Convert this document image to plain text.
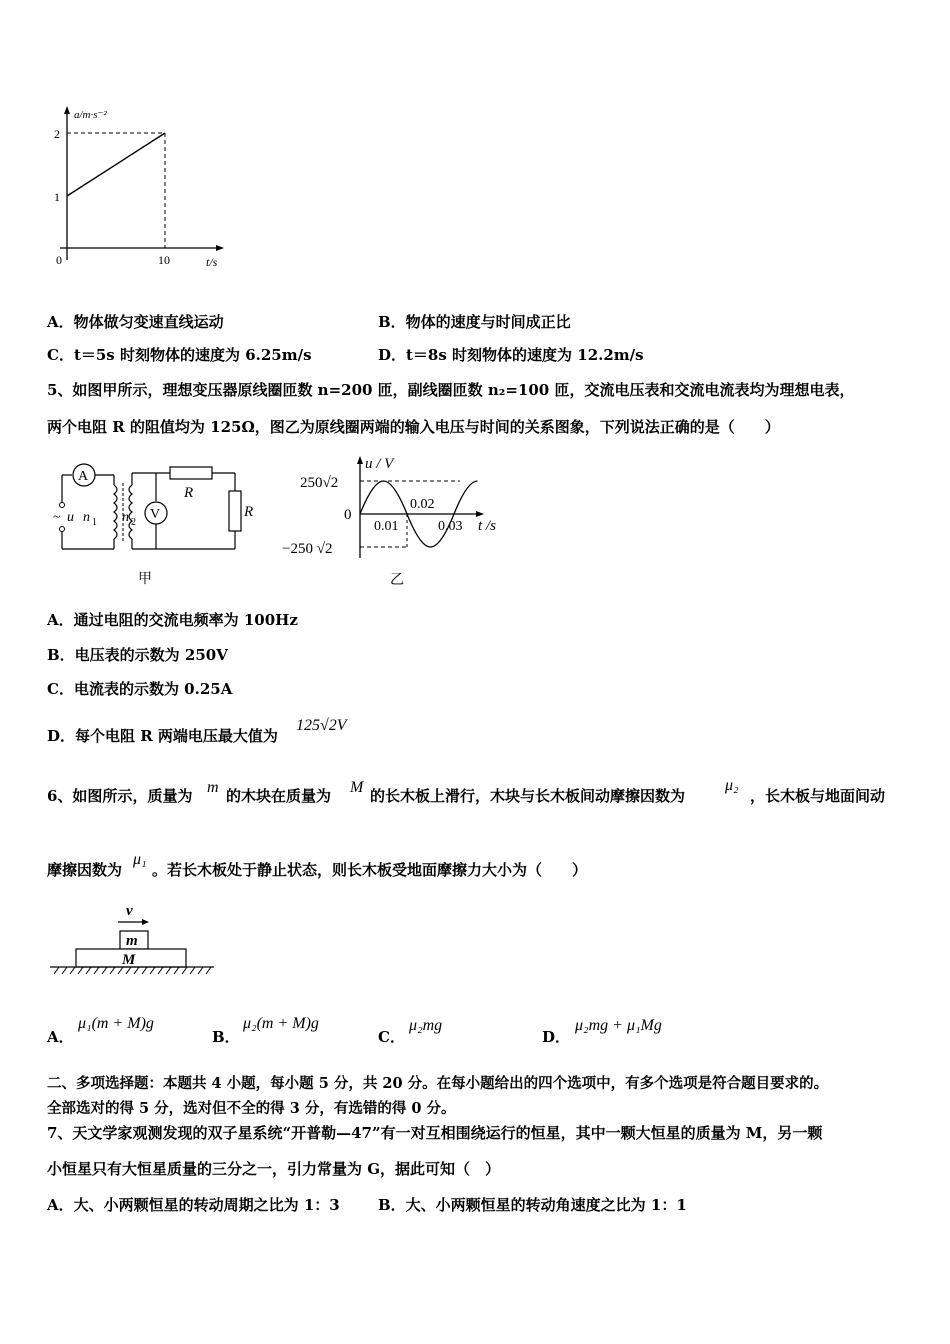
a/m·s⁻²
2
1
0	10	t/s
A．物体做匀变速直线运动	B．物体的速度与时间成正比
C．t＝5s 时刻物体的速度为 6.25m/s	D．t＝8s 时刻物体的速度为 12.2m/s
5、如图甲所示，理想变压器原线圈匝数 n=200 匝，副线圈匝数 n₂=100 匝，交流电压表和交流电流表均为理想电表，
两个电阻 R 的阻值均为 125Ω，图乙为原线圈两端的输入电压与时间的关系图象，下列说法正确的是（　　）
A
~ u n 1 n 2
V
R
R
甲
u / V
250√2
0
−250 √2
0.01
0.02
0.03 t /s
乙
A．通过电阻的交流电频率为 100Hz
B．电压表的示数为 250V
C．电流表的示数为 0.25A
D．每个电阻 R 两端电压最大值为
125√2V
6、如图所示，质量为 m 的木块在质量为 M 的长木板上滑行，木块与长木板间动摩擦因数为
μ₂
，长木板与地面间动
摩擦因数为
μ₁
。若长木板处于静止状态，则长木板受地面摩擦力大小为（　　）
v
m
M
A．
μ₁(m + M)g
B．
μ₂(m + M)g
C．
μ₂mg
D．
μ₂mg + μ₁Mg
二、多项选择题：本题共 4 小题，每小题 5 分，共 20 分。在每小题给出的四个选项中，有多个选项是符合题目要求的。
全部选对的得 5 分，选对但不全的得 3 分，有选错的得 0 分。
7、天文学家观测发现的双子星系统“开普勒—47”有一对互相围绕运行的恒星，其中一颗大恒星的质量为 M，另一颗
小恒星只有大恒星质量的三分之一，引力常量为 G，据此可知（　）
A．大、小两颗恒星的转动周期之比为 1：3	B．大、小两颗恒星的转动角速度之比为 1：1
